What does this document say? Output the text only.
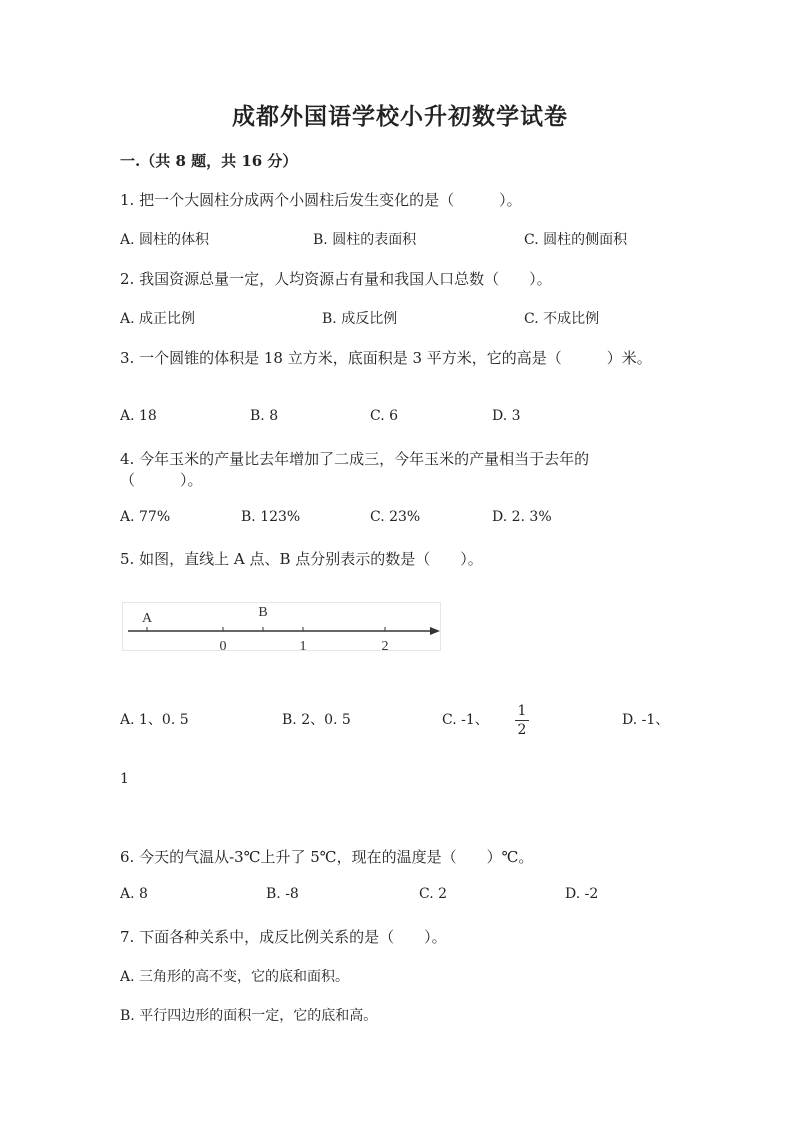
成都外国语学校小升初数学试卷
一.（共 8 题，共 16 分）
1. 把一个大圆柱分成两个小圆柱后发生变化的是（　　　）。
A. 圆柱的体积	B. 圆柱的表面积	C. 圆柱的侧面积
2. 我国资源总量一定，人均资源占有量和我国人口总数（　　）。
A. 成正比例	B. 成反比例	C. 不成比例
3. 一个圆锥的体积是 18 立方米，底面积是 3 平方米，它的高是（　　　）米。
A. 18	B. 8	C. 6	D. 3
4. 今年玉米的产量比去年增加了二成三，今年玉米的产量相当于去年的
（　　　）。
A. 77%	B. 123%	C. 23%	D. 2. 3%
5. 如图，直线上 A 点、B 点分别表示的数是（　　）。
A	B
0	1	2
A. 1、0. 5	B. 2、0. 5	C. -1、
1
2
D. -1、
1
6. 今天的气温从-3℃上升了 5℃，现在的温度是（　　）℃。
A. 8	B. -8	C. 2	D. -2
7. 下面各种关系中，成反比例关系的是（　　）。
A. 三角形的高不变，它的底和面积。
B. 平行四边形的面积一定，它的底和高。
